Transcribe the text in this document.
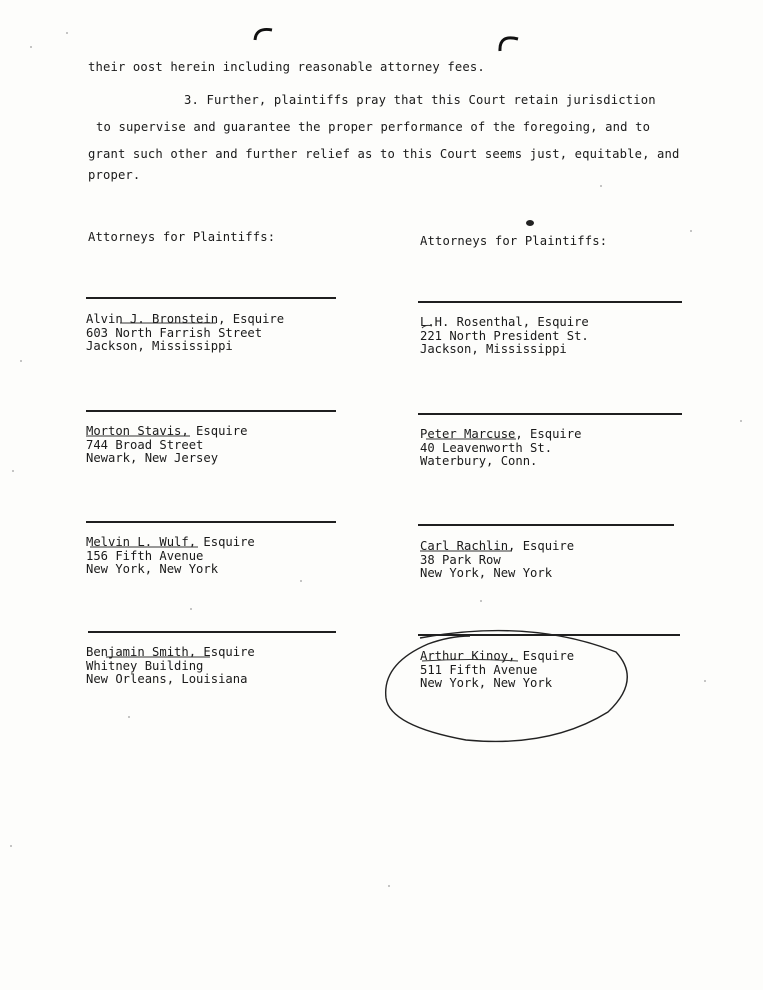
their oost herein including reasonable attorney fees.
3. Further, plaintiffs pray that this Court retain jurisdiction
to supervise and guarantee the proper performance of the foregoing, and to
grant such other and further relief as to this Court seems just, equitable, and
proper.
Attorneys for Plaintiffs:	Attorneys for Plaintiffs:
Alvin J. Bronstein, Esquire
603 North Farrish Street
Jackson, Mississippi
L.H. Rosenthal, Esquire
221 North President St.
Jackson, Mississippi
Morton Stavis, Esquire
744 Broad Street
Newark, New Jersey
Peter Marcuse, Esquire
40 Leavenworth St.
Waterbury, Conn.
Melvin L. Wulf, Esquire
156 Fifth Avenue
New York, New York
Carl Rachlin, Esquire
38 Park Row
New York, New York
Benjamin Smith, Esquire
Whitney Building
New Orleans, Louisiana
Arthur Kinoy, Esquire
511 Fifth Avenue
New York, New York
